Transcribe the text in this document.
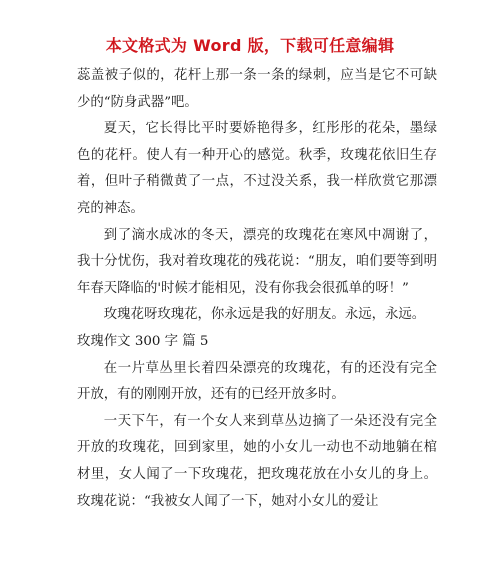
本文格式为 Word 版，下载可任意编辑

蕊盖被子似的，花杆上那一条一条的绿刺，应当是它不可缺少的“防身武器”吧。

夏天，它长得比平时要娇艳得多，红彤彤的花朵，墨绿色的花杆。使人有一种开心的感觉。秋季，玫瑰花依旧生存着，但叶子稍微黄了一点，不过没关系，我一样欣赏它那漂亮的神态。

到了滴水成冰的冬天，漂亮的玫瑰花在寒风中凋谢了，我十分忧伤，我对着玫瑰花的残花说：“朋友，咱们要等到明年春天降临的'时候才能相见，没有你我会很孤单的呀！”

玫瑰花呀玫瑰花，你永远是我的好朋友。永远，永远。

玫瑰作文 300 字 篇 5

在一片草丛里长着四朵漂亮的玫瑰花，有的还没有完全开放，有的刚刚开放，还有的已经开放多时。

一天下午，有一个女人来到草丛边摘了一朵还没有完全开放的玫瑰花，回到家里，她的小女儿一动也不动地躺在棺材里，女人闻了一下玫瑰花，把玫瑰花放在小女儿的身上。玫瑰花说：“我被女人闻了一下，她对小女儿的爱让
